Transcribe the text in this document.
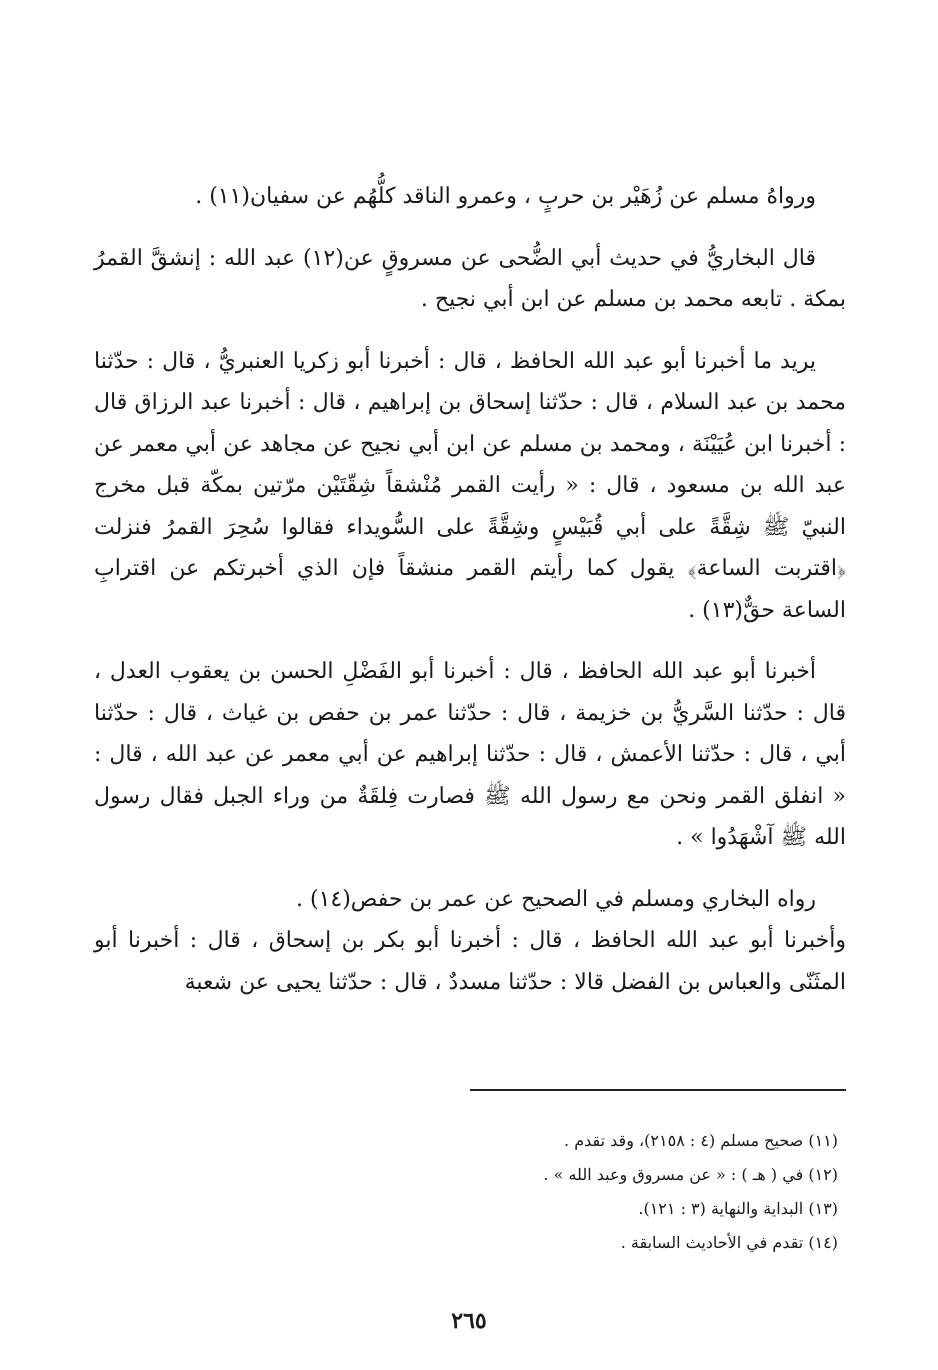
ورواهُ مسلم عن زُهَيْر بن حربٍ ، وعمرو الناقد كلُّهُم عن سفيان(١١) .

قال البخاريُّ في حديث أبي الضُّحى عن مسروقٍ عن(١٢) عبد الله : إنشقَّ القمرُ بمكة . تابعه محمد بن مسلم عن ابن أبي نجيح .

يريد ما أخبرنا أبو عبد الله الحافظ ، قال : أخبرنا أبو زكريا العنبريُّ ، قال : حدّثنا محمد بن عبد السلام ، قال : حدّثنا إسحاق بن إبراهيم ، قال : أخبرنا عبد الرزاق قال : أخبرنا ابن عُيَيْنَة ، ومحمد بن مسلم عن ابن أبي نجيح عن مجاهد عن أبي معمر عن عبد الله بن مسعود ، قال : « رأيت القمر مُنْشقاً شِقّتَيْن مرّتين بمكّة قبل مخرج النبيّ ﷺ شِقَّةً على أبي قُبَيْسٍ وشِقَّةً على السُّويداء فقالوا سُحِرَ القمرُ فنزلت ﴿اقتربت الساعة﴾ يقول كما رأيتم القمر منشقاً فإن الذي أخبرتكم عن اقترابِ الساعة حقٌّ(١٣) .

أخبرنا أبو عبد الله الحافظ ، قال : أخبرنا أبو الفَضْلِ الحسن بن يعقوب العدل ، قال : حدّثنا السَّريُّ بن خزيمة ، قال : حدّثنا عمر بن حفص بن غياث ، قال : حدّثنا أبي ، قال : حدّثنا الأعمش ، قال : حدّثنا إبراهيم عن أبي معمر عن عبد الله ، قال : « انفلق القمر ونحن مع رسول الله ﷺ فصارت فِلقَةٌ من وراء الجبل فقال رسول الله ﷺ آشْهَدُوا » .

رواه البخاري ومسلم في الصحيح عن عمر بن حفص(١٤) .

وأخبرنا أبو عبد الله الحافظ ، قال : أخبرنا أبو بكر بن إسحاق ، قال : أخبرنا أبو المثَنّى والعباس بن الفضل قالا : حدّثنا مسددٌ ، قال : حدّثنا يحيى عن شعبة

(١١) صحيح مسلم (٤ : ٢١٥٨)، وقد تقدم .
(١٢) في ( هـ ) : « عن مسروق وعبد الله » .
(١٣) البداية والنهاية (٣ : ١٢١).
(١٤) تقدم في الأحاديث السابقة .
٢٦٥
